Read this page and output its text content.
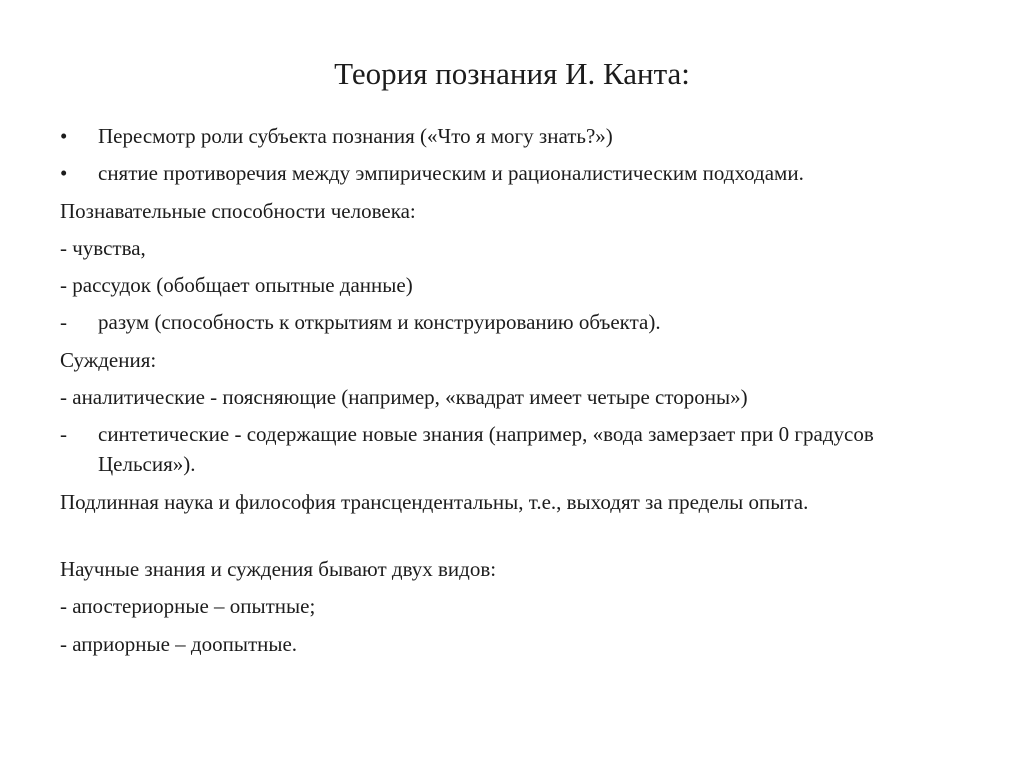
Теория познания И. Канта:
• Пересмотр роли субъекта познания («Что я могу знать?»)
• снятие противоречия между эмпирическим и рационалистическим подходами.
Познавательные способности человека:
- чувства,
- рассудок (обобщает опытные данные)
- разум (способность к открытиям и конструированию объекта).
Суждения:
- аналитические - поясняющие (например, «квадрат имеет четыре стороны»)
- синтетические - содержащие новые знания (например, «вода замерзает при 0 градусов Цельсия»).
Подлинная наука и философия трансцендентальны, т.е., выходят за пределы опыта.
Научные знания и суждения бывают двух видов:
- апостериорные – опытные;
- априорные – доопытные.
